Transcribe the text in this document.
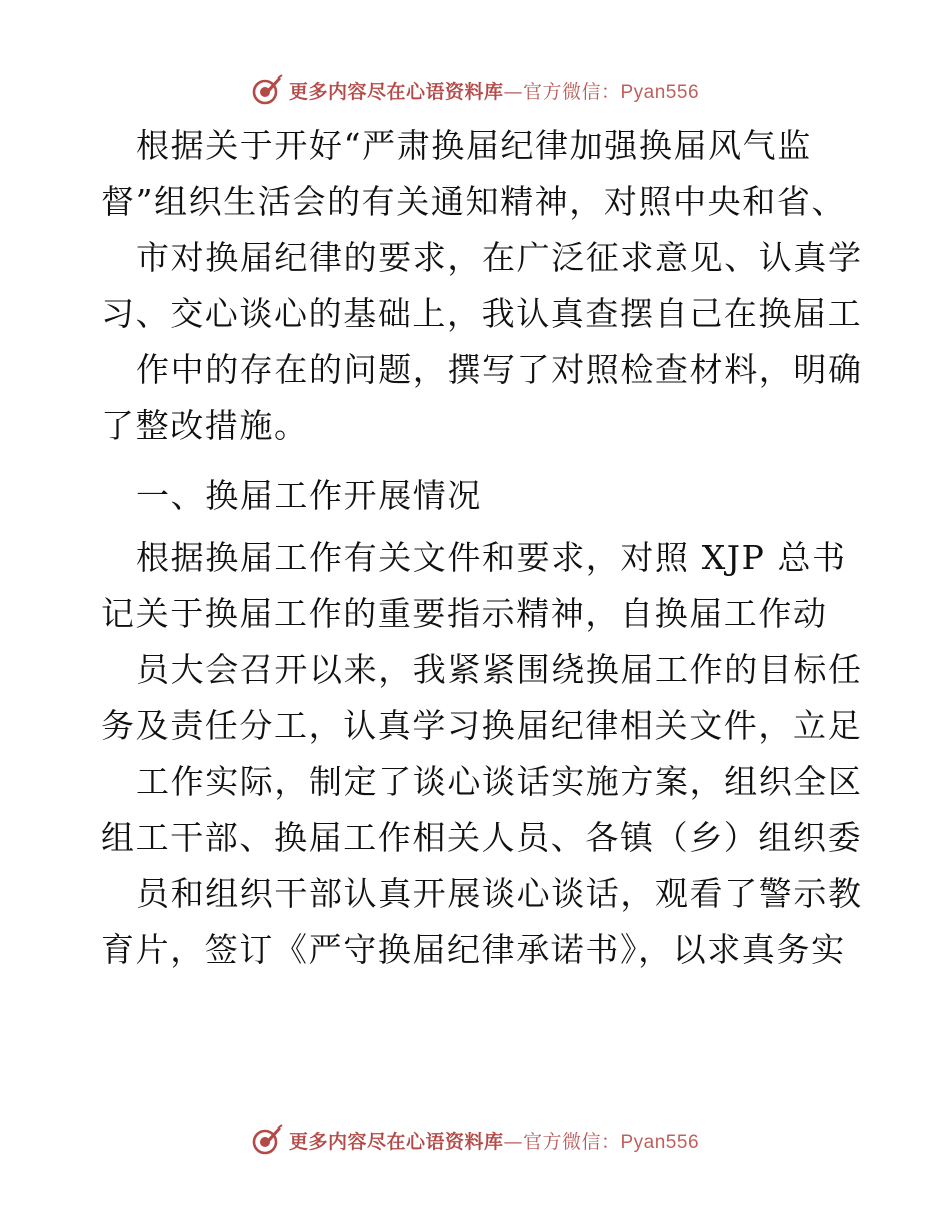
更多内容尽在心语资料库—官方微信：Pyan556
根据关于开好“严肃换届纪律加强换届风气监
督”组织生活会的有关通知精神，对照中央和省、
市对换届纪律的要求，在广泛征求意见、认真学
习、交心谈心的基础上，我认真查摆自己在换届工
作中的存在的问题，撰写了对照检查材料，明确
了整改措施。
一、换届工作开展情况
根据换届工作有关文件和要求，对照 XJP 总书
记关于换届工作的重要指示精神，自换届工作动
员大会召开以来，我紧紧围绕换届工作的目标任
务及责任分工，认真学习换届纪律相关文件，立足
工作实际，制定了谈心谈话实施方案，组织全区
组工干部、换届工作相关人员、各镇（乡）组织委
员和组织干部认真开展谈心谈话，观看了警示教
育片，签订《严守换届纪律承诺书》，以求真务实
更多内容尽在心语资料库—官方微信：Pyan556
